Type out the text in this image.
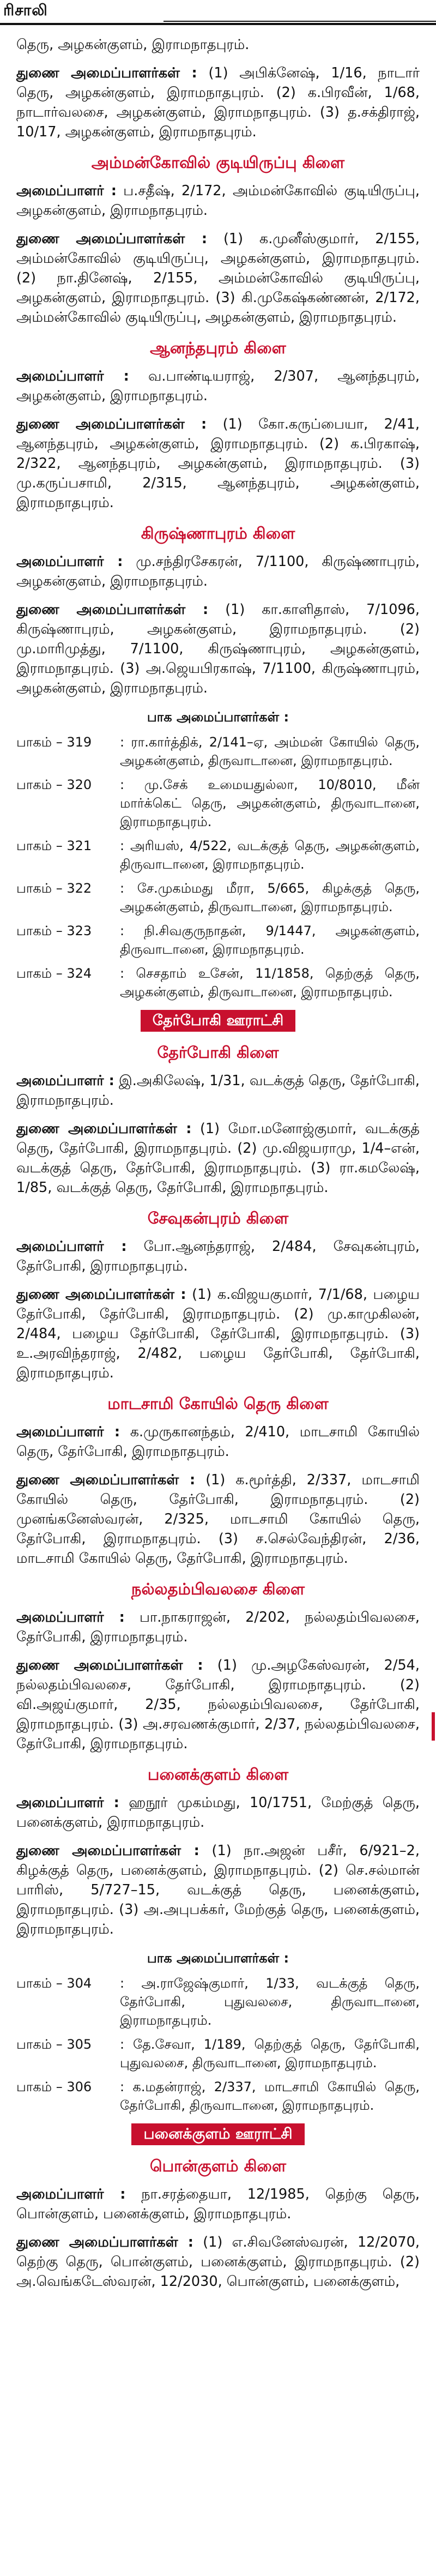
ரிசாலி

தெரு, அழகன்குளம், இராமநாதபுரம்.

துணை அமைப்பாளர்கள் : (1) அபிக்னேஷ், 1/16, நாடார் தெரு, அழகன்குளம், இராமநாதபுரம். (2) க.பிரவீன், 1/68, நாடார்வலசை, அழகன்குளம், இராமநாதபுரம். (3) த.சக்திராஜ், 10/17, அழகன்குளம், இராமநாதபுரம்.

அம்மன்கோவில் குடியிருப்பு கிளை

அமைப்பாளர் : ப.சதீஷ், 2/172, அம்மன்கோவில் குடியிருப்பு, அழகன்குளம், இராமநாதபுரம்.

துணை அமைப்பாளர்கள் : (1) க.முனீஸ்குமார், 2/155, அம்மன்கோவில் குடியிருப்பு, அழகன்குளம், இராமநாதபுரம். (2) நா.தினேஷ், 2/155, அம்மன்கோவில் குடியிருப்பு, அழகன்குளம், இராமநாதபுரம். (3) கி.முகேஷ்கண்ணன், 2/172, அம்மன்கோவில் குடியிருப்பு, அழகன்குளம், இராமநாதபுரம்.

ஆனந்தபுரம் கிளை

அமைப்பாளர் : வ.பாண்டியராஜ், 2/307, ஆனந்தபுரம், அழகன்குளம், இராமநாதபுரம்.

துணை அமைப்பாளர்கள் : (1) கோ.கருப்பையா, 2/41, ஆனந்தபுரம், அழகன்குளம், இராமநாதபுரம். (2) க.பிரகாஷ், 2/322, ஆனந்தபுரம், அழகன்குளம், இராமநாதபுரம். (3) மு.கருப்பசாமி, 2/315, ஆனந்தபுரம், அழகன்குளம், இராமநாதபுரம்.

கிருஷ்ணாபுரம் கிளை

அமைப்பாளர் : மு.சந்திரசேகரன், 7/1100, கிருஷ்ணாபுரம், அழகன்குளம், இராமநாதபுரம்.

துணை அமைப்பாளர்கள் : (1) கா.காளிதாஸ், 7/1096, கிருஷ்ணாபுரம், அழகன்குளம், இராமநாதபுரம். (2) மு.மாரிமுத்து, 7/1100, கிருஷ்ணாபுரம், அழகன்குளம், இராமநாதபுரம். (3) அ.ஜெயபிரகாஷ், 7/1100, கிருஷ்ணாபுரம், அழகன்குளம், இராமநாதபுரம்.

பாக அமைப்பாளர்கள் :
பாகம் – 319	: ரா.கார்த்திக், 2/141–ஏ, அம்மன் கோயில் தெரு, அழகன்குளம், திருவாடானை, இராமநாதபுரம்.
பாகம் – 320	: மு.சேக் உமையதுல்லா, 10/8010, மீன் மார்க்கெட் தெரு, அழகன்குளம், திருவாடானை, இராமநாதபுரம்.
பாகம் – 321	: அரியஸ், 4/522, வடக்குத் தெரு, அழகன்குளம், திருவாடானை, இராமநாதபுரம்.
பாகம் – 322	: சே.முகம்மது மீரா, 5/665, கிழக்குத் தெரு, அழகன்குளம், திருவாடானை, இராமநாதபுரம்.
பாகம் – 323	: நி.சிவகுருநாதன், 9/1447, அழகன்குளம், திருவாடானை, இராமநாதபுரம்.
பாகம் – 324	: செசதாம் உசேன், 11/1858, தெற்குத் தெரு, அழகன்குளம், திருவாடானை, இராமநாதபுரம்.
தேர்போகி ஊராட்சி
தேர்போகி கிளை

அமைப்பாளர் : இ.அகிலேஷ், 1/31, வடக்குத் தெரு, தேர்போகி, இராமநாதபுரம்.

துணை அமைப்பாளர்கள் : (1) மோ.மனோஜ்குமார், வடக்குத் தெரு, தேர்போகி, இராமநாதபுரம். (2) மு.விஜயராமு, 1/4–என், வடக்குத் தெரு, தேர்போகி, இராமநாதபுரம். (3) ரா.கமலேஷ், 1/85, வடக்குத் தெரு, தேர்போகி, இராமநாதபுரம்.

சேவுகன்புரம் கிளை

அமைப்பாளர் : போ.ஆனந்தராஜ், 2/484, சேவுகன்புரம், தேர்போகி, இராமநாதபுரம்.

துணை அமைப்பாளர்கள் : (1) க.விஜயகுமார், 7/1/68, பழைய தேர்போகி, தேர்போகி, இராமநாதபுரம். (2) மு.காமுகிலன், 2/484, பழைய தேர்போகி, தேர்போகி, இராமநாதபுரம். (3) உ.அரவிந்தராஜ், 2/482, பழைய தேர்போகி, தேர்போகி, இராமநாதபுரம்.

மாடசாமி கோயில் தெரு கிளை

அமைப்பாளர் : க.முருகானந்தம், 2/410, மாடசாமி கோயில் தெரு, தேர்போகி, இராமநாதபுரம்.

துணை அமைப்பாளர்கள் : (1) க.மூர்த்தி, 2/337, மாடசாமி கோயில் தெரு, தேர்போகி, இராமநாதபுரம். (2) முனங்கனேஸ்வரன், 2/325, மாடசாமி கோயில் தெரு, தேர்போகி, இராமநாதபுரம். (3) ச.செல்வேந்திரன், 2/36, மாடசாமி கோயில் தெரு, தேர்போகி, இராமநாதபுரம்.

நல்லதம்பிவலசை கிளை

அமைப்பாளர் : பா.நாகராஜன், 2/202, நல்லதம்பிவலசை, தேர்போகி, இராமநாதபுரம்.

துணை அமைப்பாளர்கள் : (1) மு.அழகேஸ்வரன், 2/54, நல்லதம்பிவலசை, தேர்போகி, இராமநாதபுரம். (2) வி.அஜய்குமார், 2/35, நல்லதம்பிவலசை, தேர்போகி, இராமநாதபுரம். (3) அ.சரவணக்குமார், 2/37, நல்லதம்பிவலசை, தேர்போகி, இராமநாதபுரம்.

பனைக்குளம் கிளை

அமைப்பாளர் : ஹநூர் முகம்மது, 10/1751, மேற்குத் தெரு, பனைக்குளம், இராமநாதபுரம்.

துணை அமைப்பாளர்கள் : (1) நா.அஜன் பசீர், 6/921–2, கிழக்குத் தெரு, பனைக்குளம், இராமநாதபுரம். (2) செ.சல்மான் பாரிஸ், 5/727–15, வடக்குத் தெரு, பனைக்குளம், இராமநாதபுரம். (3) அ.அபுபக்கர், மேற்குத் தெரு, பனைக்குளம், இராமநாதபுரம்.

பாக அமைப்பாளர்கள் :
பாகம் – 304	: அ.ராஜேஷ்குமார், 1/33, வடக்குத் தெரு, தேர்போகி, புதுவலசை, திருவாடானை, இராமநாதபுரம்.
பாகம் – 305	: தே.சேவா, 1/189, தெற்குத் தெரு, தேர்போகி, புதுவலசை, திருவாடானை, இராமநாதபுரம்.
பாகம் – 306	: க.மதன்ராஜ், 2/337, மாடசாமி கோயில் தெரு, தேர்போகி, திருவாடானை, இராமநாதபுரம்.
பனைக்குளம் ஊராட்சி
பொன்குளம் கிளை

அமைப்பாளர் : நா.சரத்தையா, 12/1985, தெற்கு தெரு, பொன்குளம், பனைக்குளம், இராமநாதபுரம்.

துணை அமைப்பாளர்கள் : (1) எ.சிவனேஸ்வரன், 12/2070, தெற்கு தெரு, பொன்குளம், பனைக்குளம், இராமநாதபுரம். (2) அ.வெங்கடேஸ்வரன், 12/2030, பொன்குளம், பனைக்குளம்,
